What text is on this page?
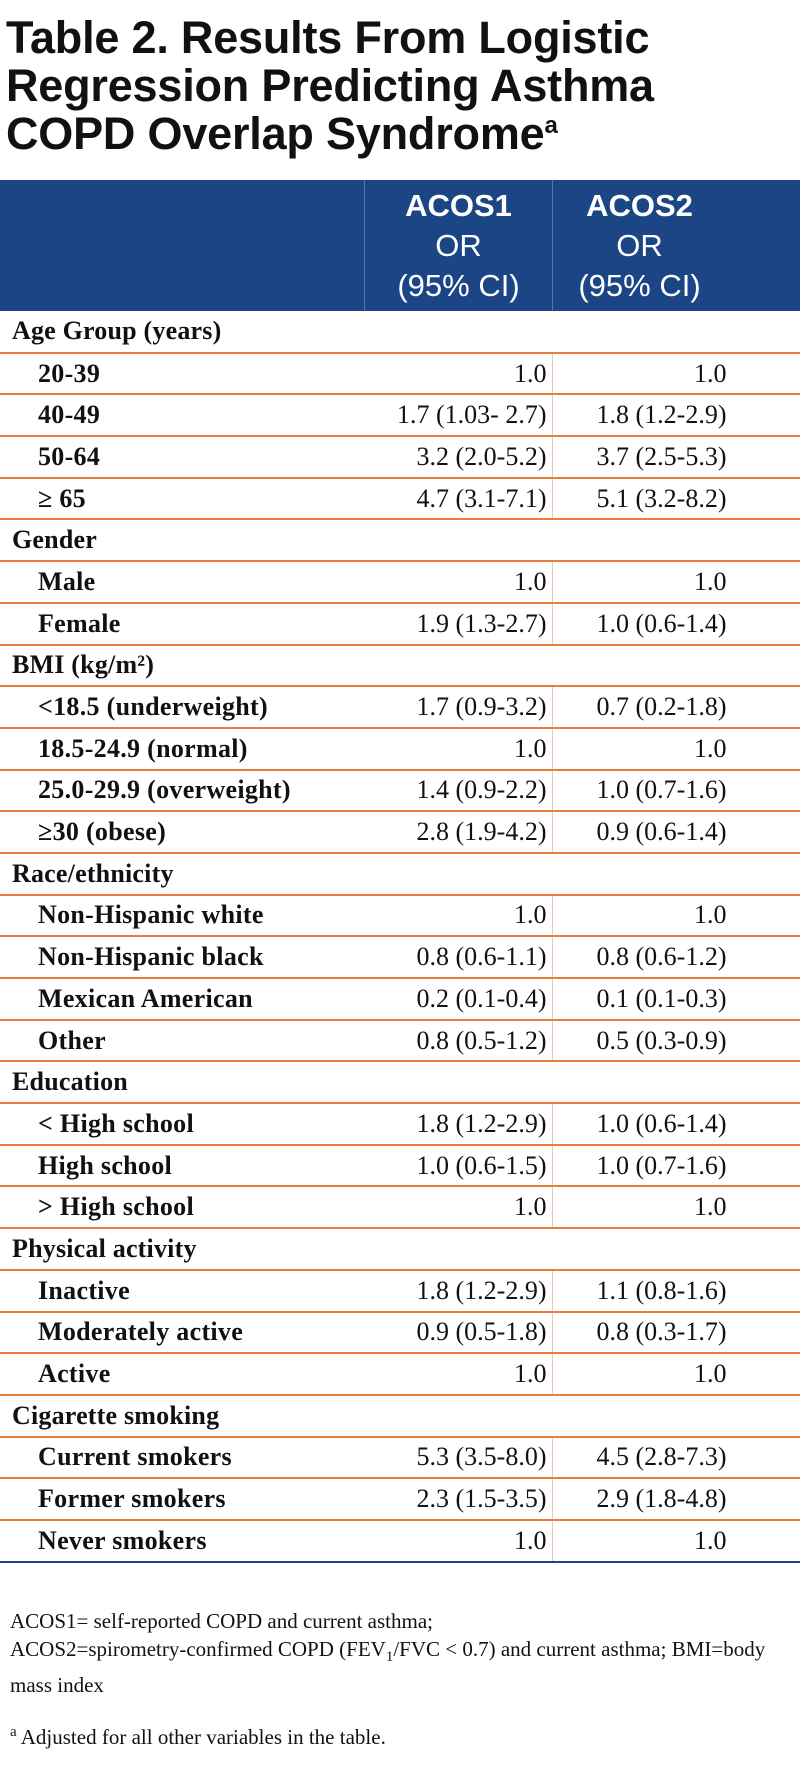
Table 2. Results From Logistic Regression Predicting Asthma COPD Overlap Syndrome$^a$

	ACOS1
OR
(95% CI)	ACOS2
OR
(95% CI)

Age Group (years)		
20-39	1.0	1.0

40-49	1.7 (1.03- 2.7)	1.8 (1.2-2.9)

50-64	3.2 (2.0-5.2)	3.7 (2.5-5.3)

≥ 65	4.7 (3.1-7.1)	5.1 (3.2-8.2)

Gender		
Male	1.0	1.0

Female	1.9 (1.3-2.7)	1.0 (0.6-1.4)

BMI (kg/m²)		
<18.5 (underweight)	1.7 (0.9-3.2)	0.7 (0.2-1.8)

18.5-24.9 (normal)	1.0	1.0

25.0-29.9 (overweight)	1.4 (0.9-2.2)	1.0 (0.7-1.6)

≥30 (obese)	2.8 (1.9-4.2)	0.9 (0.6-1.4)

Race/ethnicity		
Non-Hispanic white	1.0	1.0

Non-Hispanic black	0.8 (0.6-1.1)	0.8 (0.6-1.2)

Mexican American	0.2 (0.1-0.4)	0.1 (0.1-0.3)

Other	0.8 (0.5-1.2)	0.5 (0.3-0.9)

Education		
< High school	1.8 (1.2-2.9)	1.0 (0.6-1.4)

High school	1.0 (0.6-1.5)	1.0 (0.7-1.6)

> High school	1.0	1.0

Physical activity		
Inactive	1.8 (1.2-2.9)	1.1 (0.8-1.6)

Moderately active	0.9 (0.5-1.8)	0.8 (0.3-1.7)

Active	1.0	1.0

Cigarette smoking		
Current smokers	5.3 (3.5-8.0)	4.5 (2.8-7.3)

Former smokers	2.3 (1.5-3.5)	2.9 (1.8-4.8)

Never smokers	1.0	1.0
ACOS1= self-reported COPD and current asthma;
ACOS2=spirometry-confirmed COPD ($FEV_1$/FVC < 0.7) and current asthma; BMI=body mass index
$^a$ Adjusted for all other variables in the table.
